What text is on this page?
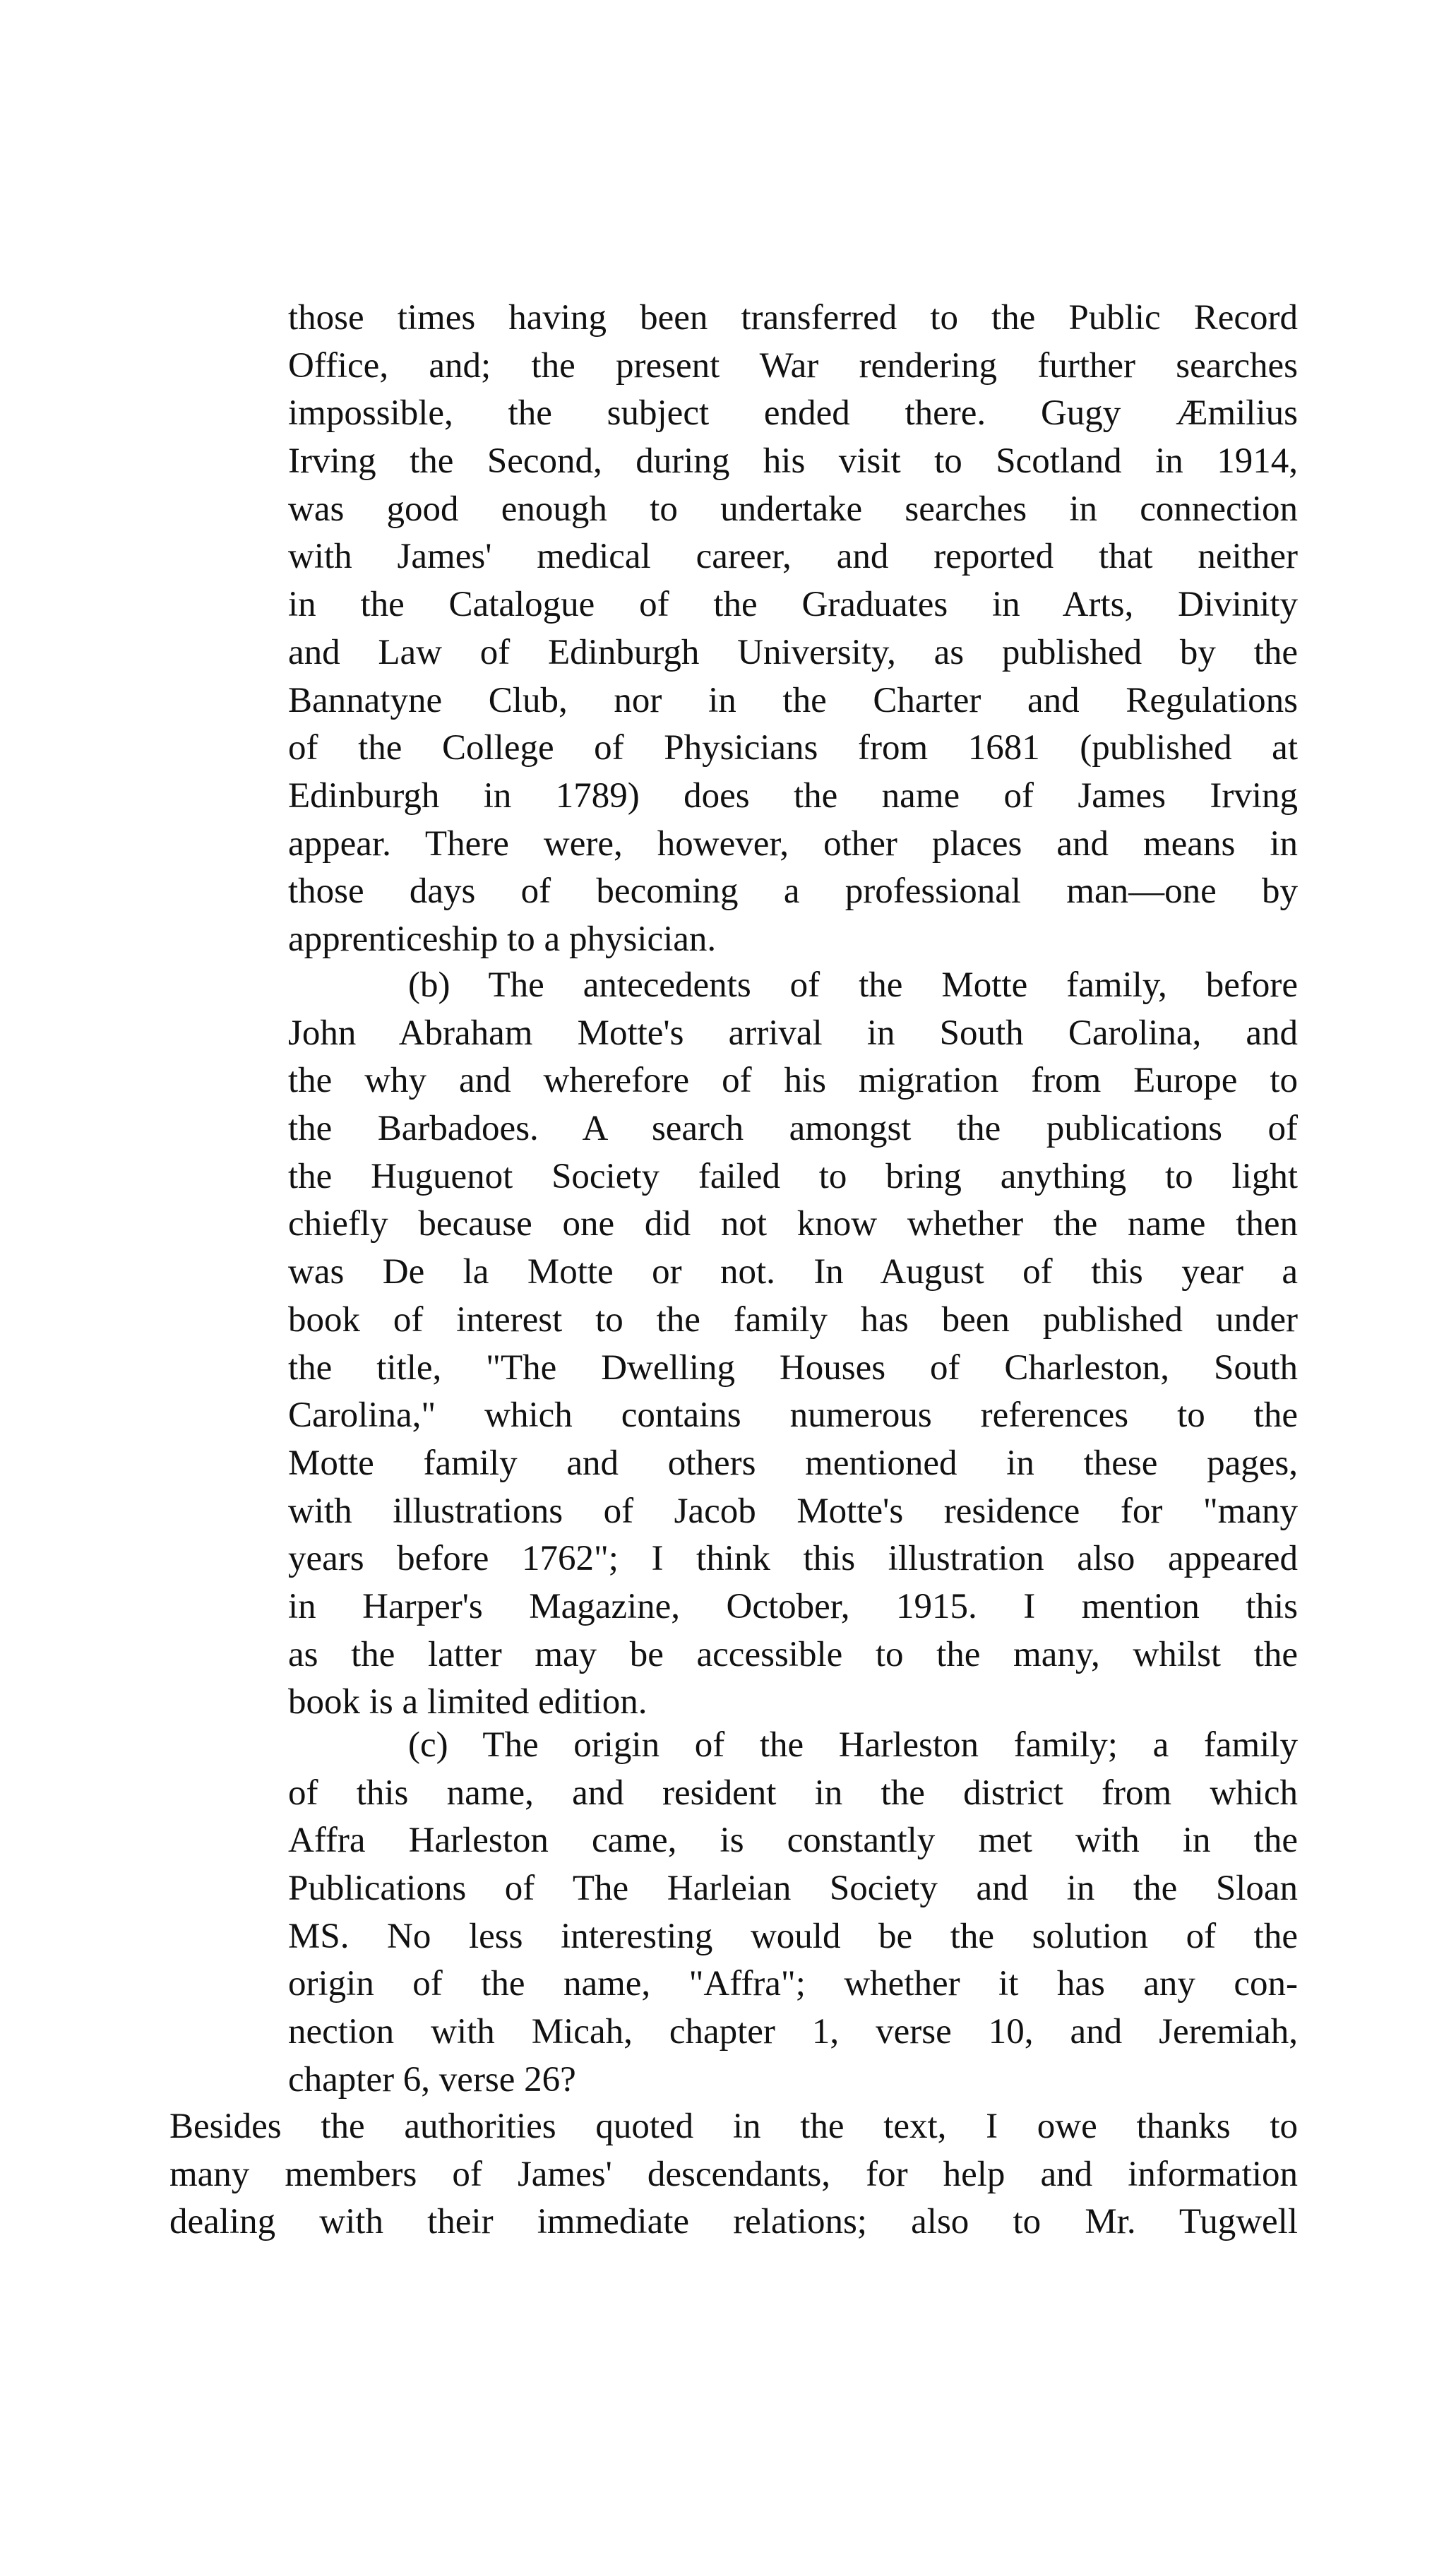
those times having been transferred to the Public Record
Office, and; the present War rendering further searches
impossible, the subject ended there. Gugy Æmilius
Irving the Second, during his visit to Scotland in 1914,
was good enough to undertake searches in connection
with James' medical career, and reported that neither
in the Catalogue of the Graduates in Arts, Divinity
and Law of Edinburgh University, as published by the
Bannatyne Club, nor in the Charter and Regulations
of the College of Physicians from 1681 (published at
Edinburgh in 1789) does the name of James Irving
appear. There were, however, other places and means in
those days of becoming a professional man—one by
apprenticeship to a physician.

(b) The antecedents of the Motte family, before
John Abraham Motte's arrival in South Carolina, and
the why and wherefore of his migration from Europe to
the Barbadoes. A search amongst the publications of
the Huguenot Society failed to bring anything to light
chiefly because one did not know whether the name then
was De la Motte or not. In August of this year a
book of interest to the family has been published under
the title, "The Dwelling Houses of Charleston, South
Carolina," which contains numerous references to the
Motte family and others mentioned in these pages,
with illustrations of Jacob Motte's residence for "many
years before 1762"; I think this illustration also appeared
in Harper's Magazine, October, 1915. I mention this
as the latter may be accessible to the many, whilst the
book is a limited edition.

(c) The origin of the Harleston family; a family
of this name, and resident in the district from which
Affra Harleston came, is constantly met with in the
Publications of The Harleian Society and in the Sloan
MS. No less interesting would be the solution of the
origin of the name, "Affra"; whether it has any con-
nection with Micah, chapter 1, verse 10, and Jeremiah,
chapter 6, verse 26?

Besides the authorities quoted in the text, I owe thanks to
many members of James' descendants, for help and information
dealing with their immediate relations; also to Mr. Tugwell
